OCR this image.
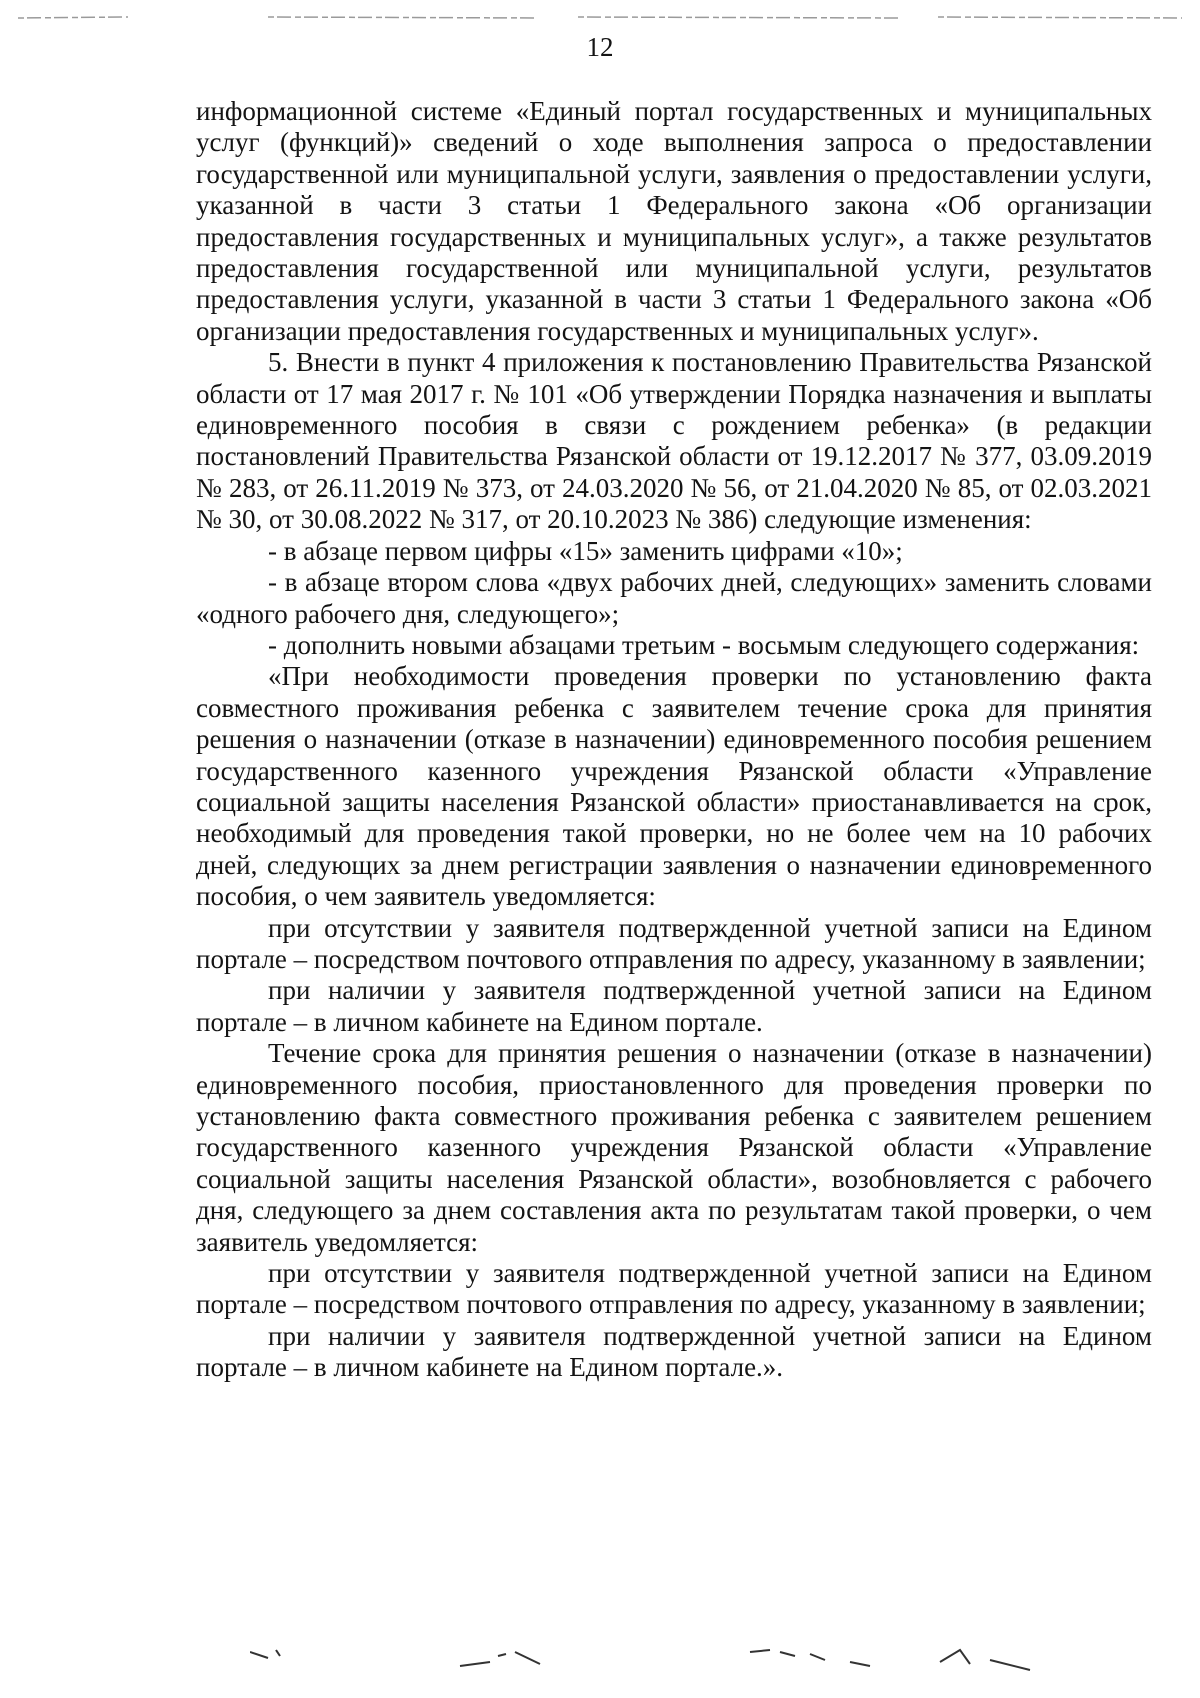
12

информационной системе «Единый портал государственных и муниципальных услуг (функций)» сведений о ходе выполнения запроса о предоставлении государственной или муниципальной услуги, заявления о предоставлении услуги, указанной в части 3 статьи 1 Федерального закона «Об организации предоставления государственных и муниципальных услуг», а также результатов предоставления государственной или муниципальной услуги, результатов предоставления услуги, указанной в части 3 статьи 1 Федерального закона «Об организации предоставления государственных и муниципальных услуг».

5. Внести в пункт 4 приложения к постановлению Правительства Рязанской области от 17 мая 2017 г. № 101 «Об утверждении Порядка назначения и выплаты единовременного пособия в связи с рождением ребенка» (в редакции постановлений Правительства Рязанской области от 19.12.2017 № 377, 03.09.2019 № 283, от 26.11.2019 № 373, от 24.03.2020 № 56, от 21.04.2020 № 85, от 02.03.2021 № 30, от 30.08.2022 № 317, от 20.10.2023 № 386) следующие изменения:

- в абзаце первом цифры «15» заменить цифрами «10»;

- в абзаце втором слова «двух рабочих дней, следующих» заменить словами «одного рабочего дня, следующего»;

- дополнить новыми абзацами третьим - восьмым следующего содержания:

«При необходимости проведения проверки по установлению факта совместного проживания ребенка с заявителем течение срока для принятия решения о назначении (отказе в назначении) единовременного пособия решением государственного казенного учреждения Рязанской области «Управление социальной защиты населения Рязанской области» приостанавливается на срок, необходимый для проведения такой проверки, но не более чем на 10 рабочих дней, следующих за днем регистрации заявления о назначении единовременного пособия, о чем заявитель уведомляется:

при отсутствии у заявителя подтвержденной учетной записи на Едином портале – посредством почтового отправления по адресу, указанному в заявлении;

при наличии у заявителя подтвержденной учетной записи на Едином портале – в личном кабинете на Едином портале.

Течение срока для принятия решения о назначении (отказе в назначении) единовременного пособия, приостановленного для проведения проверки по установлению факта совместного проживания ребенка с заявителем решением государственного казенного учреждения Рязанской области «Управление социальной защиты населения Рязанской области», возобновляется с рабочего дня, следующего за днем составления акта по результатам такой проверки, о чем заявитель уведомляется:

при отсутствии у заявителя подтвержденной учетной записи на Едином портале – посредством почтового отправления по адресу, указанному в заявлении;

при наличии у заявителя подтвержденной учетной записи на Едином портале – в личном кабинете на Едином портале.».
